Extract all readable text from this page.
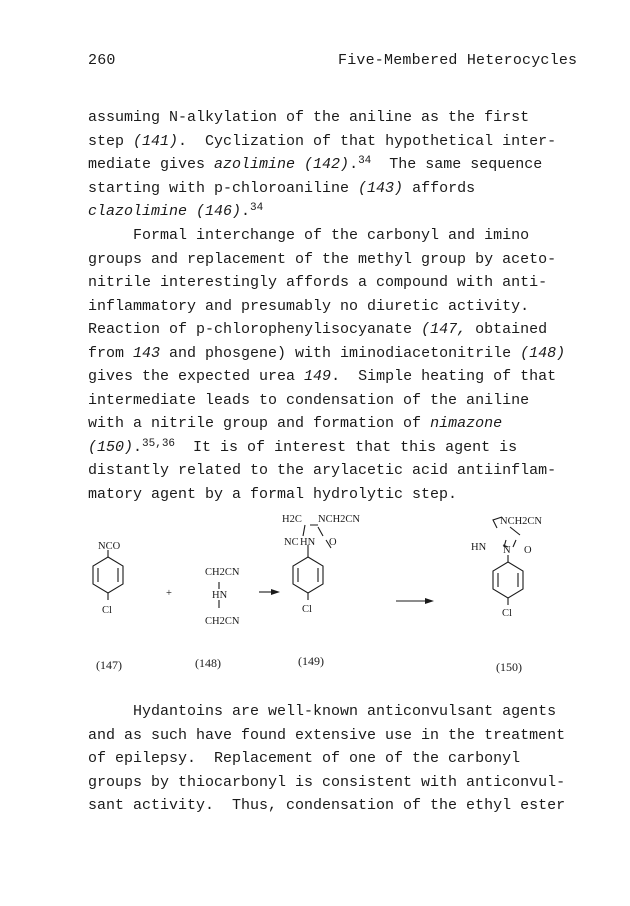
260	Five-Membered Heterocycles
assuming N-alkylation of the aniline as the first
step (141).  Cyclization of that hypothetical inter-
mediate gives azolimine (142).$^{34}$  The same sequence
starting with p-chloroaniline (143) affords
clazolimine (146).$^{34}$
Formal interchange of the carbonyl and imino
groups and replacement of the methyl group by aceto-
nitrile interestingly affords a compound with anti-
inflammatory and presumably no diuretic activity.
Reaction of p-chlorophenylisocyanate (147, obtained
from 143 and phosgene) with iminodiacetonitrile (148)
gives the expected urea 149.  Simple heating of that
intermediate leads to condensation of the aniline
with a nitrile group and formation of nimazone
(150).$^{35,36}$  It is of interest that this agent is
distantly related to the arylacetic acid antiinflam-
matory agent by a formal hydrolytic step.
NCO
Cl
(147)
+
CH2CN
HN
CH2CN
(148)
H2C NCH2CN
NC HN O
Cl
(149)
NCH2CN
HN N O
Cl
(150)
Hydantoins are well-known anticonvulsant agents
and as such have found extensive use in the treatment
of epilepsy.  Replacement of one of the carbonyl
groups by thiocarbonyl is consistent with anticonvul-
sant activity.  Thus, condensation of the ethyl ester
